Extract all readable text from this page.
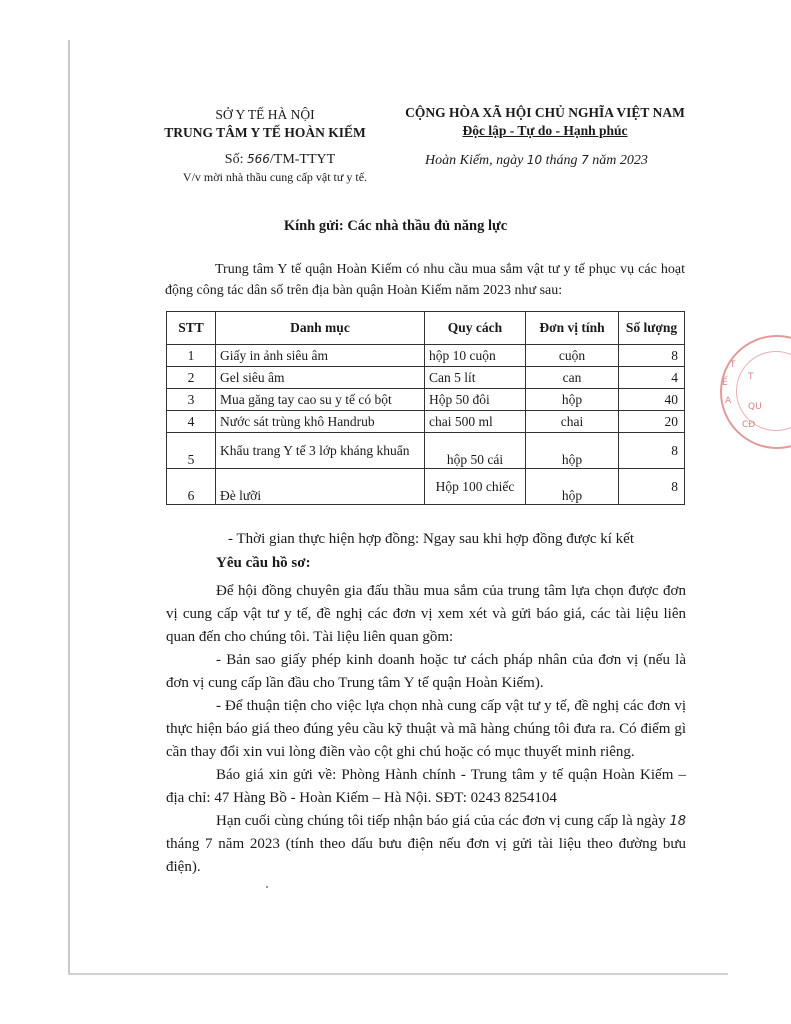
SỞ Y TẾ HÀ NỘI
TRUNG TÂM Y TẾ HOÀN KIẾM
CỘNG HÒA XÃ HỘI CHỦ NGHĨA VIỆT NAM
Độc lập - Tự do - Hạnh phúc
Số: 566/TM-TTYT	Hoàn Kiếm, ngày 10 tháng 7 năm 2023
V/v mời nhà thầu cung cấp vật tư y tế.
Kính gửi: Các nhà thầu đủ năng lực
Trung tâm Y tế quận Hoàn Kiếm có nhu cầu mua sắm vật tư y tế phục vụ các hoạt động công tác dân số trên địa bàn quận Hoàn Kiếm năm 2023 như sau:
STT	Danh mục	Quy cách	Đơn vị tính	Số lượng
1	Giấy in ảnh siêu âm	hộp 10 cuộn	cuộn	8
2	Gel siêu âm	Can 5 lít	can	4
3	Mua găng tay cao su y tế có bột	Hộp 50 đôi	hộp	40
4	Nước sát trùng khô Handrub	chai 500 ml	chai	20
5	Khẩu trang Y tế 3 lớp kháng khuẩn	hộp 50 cái	hộp	8
6	Đè lưỡi	Hộp 100 chiếc	hộp	8
- Thời gian thực hiện hợp đồng: Ngay sau khi hợp đồng được kí kết
Yêu cầu hồ sơ:
Để hội đồng chuyên gia đấu thầu mua sắm của trung tâm lựa chọn được đơn vị cung cấp vật tư y tế, đề nghị các đơn vị xem xét và gửi báo giá, các tài liệu liên quan đến cho chúng tôi. Tài liệu liên quan gồm:
- Bản sao giấy phép kinh doanh hoặc tư cách pháp nhân của đơn vị (nếu là đơn vị cung cấp lần đầu cho Trung tâm Y tế quận Hoàn Kiếm).
- Để thuận tiện cho việc lựa chọn nhà cung cấp vật tư y tế, đề nghị các đơn vị thực hiện báo giá theo đúng yêu cầu kỹ thuật và mã hàng chúng tôi đưa ra. Có điểm gì cần thay đổi xin vui lòng điền vào cột ghi chú hoặc có mục thuyết minh riêng.
Báo giá xin gửi về: Phòng Hành chính - Trung tâm y tế quận Hoàn Kiếm – địa chỉ: 47 Hàng Bồ - Hoàn Kiếm – Hà Nội. SĐT: 0243 8254104
Hạn cuối cùng chúng tôi tiếp nhận báo giá của các đơn vị cung cấp là ngày 18 tháng 7 năm 2023 (tính theo dấu bưu điện nếu đơn vị gửi tài liệu theo đường bưu điện).
T
T
Ế
QU
A
CĐ
